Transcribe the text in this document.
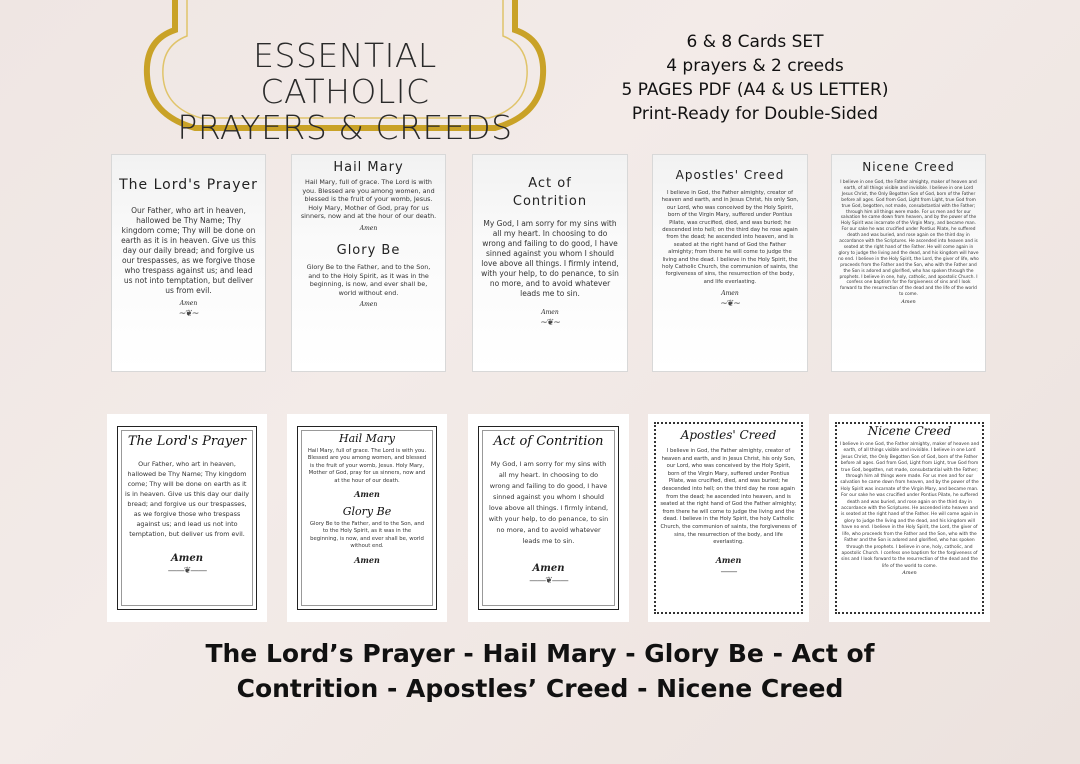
ESSENTIAL CATHOLIC
PRAYERS & CREEDS
6 & 8 Cards SET
4 prayers & 2 creeds
5 PAGES PDF (A4 & US LETTER)
Print-Ready for Double-Sided
The Lord's Prayer
Our Father, who art in heaven, hallowed be Thy Name; Thy kingdom come; Thy will be done on earth as it is in heaven. Give us this day our daily bread; and forgive us our trespasses, as we forgive those who trespass against us; and lead us not into temptation, but deliver us from evil.
Amen
~❦~
Hail Mary
Hail Mary, full of grace. The Lord is with you. Blessed are you among women, and blessed is the fruit of your womb, Jesus. Holy Mary, Mother of God, pray for us sinners, now and at the hour of our death.
Amen
Glory Be
Glory Be to the Father, and to the Son, and to the Holy Spirit, as it was in the beginning, is now, and ever shall be, world without end.
Amen
Act of Contrition
My God, I am sorry for my sins with all my heart. In choosing to do wrong and failing to do good, I have sinned against you whom I should love above all things. I firmly intend, with your help, to do penance, to sin no more, and to avoid whatever leads me to sin.
Amen
~❦~
Apostles' Creed
I believe in God, the Father almighty, creator of heaven and earth, and in Jesus Christ, his only Son, our Lord, who was conceived by the Holy Spirit, born of the Virgin Mary, suffered under Pontius Pilate, was crucified, died, and was buried; he descended into hell; on the third day he rose again from the dead; he ascended into heaven, and is seated at the right hand of God the Father almighty; from there he will come to judge the living and the dead. I believe in the Holy Spirit, the holy Catholic Church, the communion of saints, the forgiveness of sins, the resurrection of the body, and life everlasting.
Amen
~❦~
Nicene Creed
I believe in one God, the Father almighty, maker of heaven and earth, of all things visible and invisible. I believe in one Lord Jesus Christ, the Only Begotten Son of God, born of the Father before all ages. God from God, Light from Light, true God from true God, begotten, not made, consubstantial with the Father; through him all things were made. For us men and for our salvation he came down from heaven, and by the power of the Holy Spirit was incarnate of the Virgin Mary, and became man. For our sake he was crucified under Pontius Pilate, he suffered death and was buried, and rose again on the third day in accordance with the Scriptures. He ascended into heaven and is seated at the right hand of the Father. He will come again in glory to judge the living and the dead, and his kingdom will have no end. I believe in the Holy Spirit, the Lord, the giver of life, who proceeds from the Father and the Son, who with the Father and the Son is adored and glorified, who has spoken through the prophets. I believe in one, holy, catholic, and apostolic Church. I confess one baptism for the forgiveness of sins and I look forward to the resurrection of the dead and the life of the world to come.
Amen
The Lord's Prayer
Our Father, who art in heaven, hallowed be Thy Name; Thy kingdom come; Thy will be done on earth as it is in heaven. Give us this day our daily bread; and forgive us our trespasses, as we forgive those who trespass against us; and lead us not into temptation, but deliver us from evil.
Amen
——❦——
Hail Mary
Hail Mary, full of grace. The Lord is with you. Blessed are you among women, and blessed is the fruit of your womb, Jesus. Holy Mary, Mother of God, pray for us sinners, now and at the hour of our death.
Amen
Glory Be
Glory Be to the Father, and to the Son, and to the Holy Spirit, as it was in the beginning, is now, and ever shall be, world without end.
Amen
Act of Contrition
My God, I am sorry for my sins with all my heart. In choosing to do wrong and failing to do good, I have sinned against you whom I should love above all things. I firmly intend, with your help, to do penance, to sin no more, and to avoid whatever leads me to sin.
Amen
——❦——
Apostles' Creed
I believe in God, the Father almighty, creator of heaven and earth, and in Jesus Christ, his only Son, our Lord, who was conceived by the Holy Spirit, born of the Virgin Mary, suffered under Pontius Pilate, was crucified, died, and was buried; he descended into hell; on the third day he rose again from the dead; he ascended into heaven, and is seated at the right hand of God the Father almighty; from there he will come to judge the living and the dead. I believe in the Holy Spirit, the holy Catholic Church, the communion of saints, the forgiveness of sins, the resurrection of the body, and life everlasting.
Amen
——
Nicene Creed
I believe in one God, the Father almighty, maker of heaven and earth, of all things visible and invisible. I believe in one Lord Jesus Christ, the Only Begotten Son of God, born of the Father before all ages. God from God, Light from Light, true God from true God, begotten, not made, consubstantial with the Father; through him all things were made. For us men and for our salvation he came down from heaven, and by the power of the Holy Spirit was incarnate of the Virgin Mary, and became man. For our sake he was crucified under Pontius Pilate, he suffered death and was buried, and rose again on the third day in accordance with the Scriptures. He ascended into heaven and is seated at the right hand of the Father. He will come again in glory to judge the living and the dead, and his kingdom will have no end. I believe in the Holy Spirit, the Lord, the giver of life, who proceeds from the Father and the Son, who with the Father and the Son is adored and glorified, who has spoken through the prophets. I believe in one, holy, catholic, and apostolic Church. I confess one baptism for the forgiveness of sins and I look forward to the resurrection of the dead and the life of the world to come.
Amen
The Lord’s Prayer - Hail Mary - Glory Be - Act of
Contrition - Apostles’ Creed - Nicene Creed
